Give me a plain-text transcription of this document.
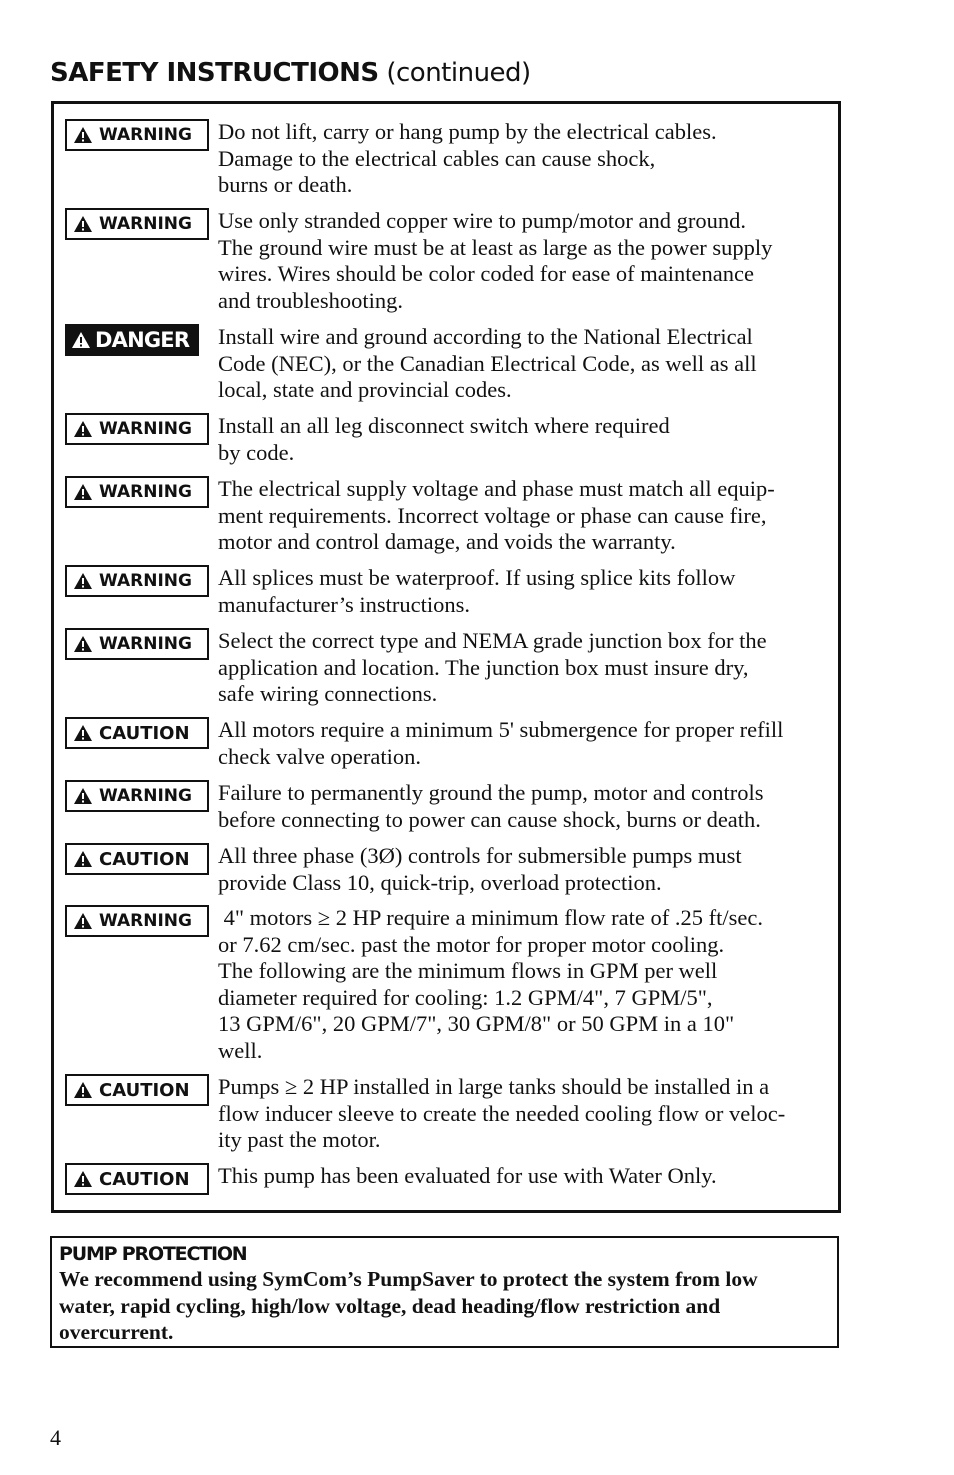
SAFETY INSTRUCTIONS (continued)
WARNING Do not lift, carry or hang pump by the electrical cables.
Damage to the electrical cables can cause shock,
burns or death.
WARNING Use only stranded copper wire to pump/motor and ground.
The ground wire must be at least as large as the power supply
wires. Wires should be color coded for ease of maintenance
and troubleshooting.
DANGER Install wire and ground according to the National Electrical
Code (NEC), or the Canadian Electrical Code, as well as all
local, state and provincial codes.
WARNING Install an all leg disconnect switch where required
by code.
WARNING The electrical supply voltage and phase must match all equip-
ment requirements. Incorrect voltage or phase can cause fire,
motor and control damage, and voids the warranty.
WARNING All splices must be waterproof. If using splice kits follow
manufacturer’s instructions.
WARNING Select the correct type and NEMA grade junction box for the
application and location. The junction box must insure dry,
safe wiring connections.
CAUTION All motors require a minimum 5' submergence for proper refill
check valve operation.
WARNING Failure to permanently ground the pump, motor and controls
before connecting to power can cause shock, burns or death.
CAUTION All three phase (3Ø) controls for submersible pumps must
provide Class 10, quick-trip, overload protection.
WARNING 4" motors ≥ 2 HP require a minimum flow rate of .25 ft/sec.
or 7.62 cm/sec. past the motor for proper motor cooling.
The following are the minimum flows in GPM per well
diameter required for cooling: 1.2 GPM/4", 7 GPM/5",
13 GPM/6", 20 GPM/7", 30 GPM/8" or 50 GPM in a 10"
well.
CAUTION Pumps ≥ 2 HP installed in large tanks should be installed in a
flow inducer sleeve to create the needed cooling flow or veloc-
ity past the motor.
CAUTION This pump has been evaluated for use with Water Only.
PUMP PROTECTION
We recommend using SymCom’s PumpSaver to protect the system from low
water, rapid cycling, high/low voltage, dead heading/flow restriction and
overcurrent.
4
